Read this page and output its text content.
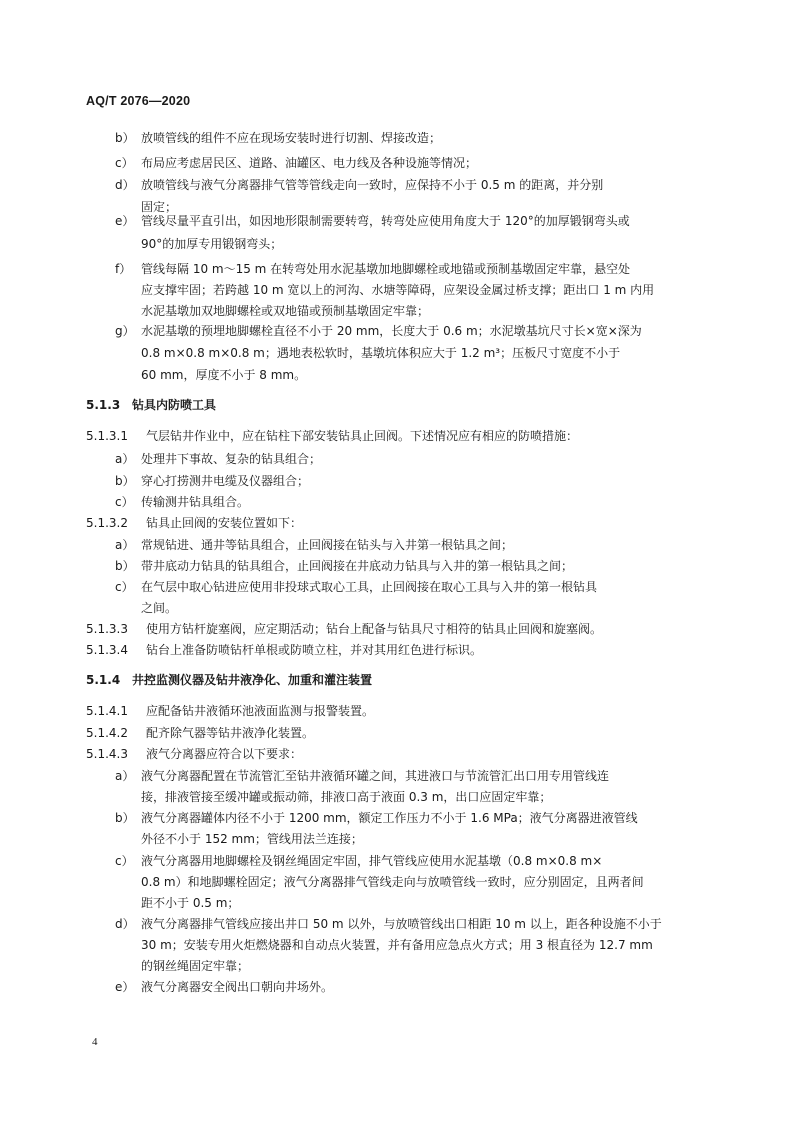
AQ/T 2076—2020
b） 放喷管线的组件不应在现场安装时进行切割、焊接改造；
c） 布局应考虑居民区、道路、油罐区、电力线及各种设施等情况；
d） 放喷管线与液气分离器排气管等管线走向一致时，应保持不小于 0.5 m 的距离，并分别
固定；
e） 管线尽量平直引出，如因地形限制需要转弯，转弯处应使用角度大于 120°的加厚锻钢弯头或
90°的加厚专用锻钢弯头；
f） 管线每隔 10 m～15 m 在转弯处用水泥基墩加地脚螺栓或地锚或预制基墩固定牢靠，悬空处
应支撑牢固；若跨越 10 m 宽以上的河沟、水塘等障碍，应架设金属过桥支撑；距出口 1 m 内用
水泥基墩加双地脚螺栓或双地锚或预制基墩固定牢靠；
g） 水泥基墩的预埋地脚螺栓直径不小于 20 mm，长度大于 0.6 m；水泥墩基坑尺寸长×宽×深为
0.8 m×0.8 m×0.8 m；遇地表松软时，基墩坑体积应大于 1.2 m³；压板尺寸宽度不小于
60 mm，厚度不小于 8 mm。
5.1.3 钻具内防喷工具
5.1.3.1 气层钻井作业中，应在钻柱下部安装钻具止回阀。下述情况应有相应的防喷措施：
a） 处理井下事故、复杂的钻具组合；
b） 穿心打捞测井电缆及仪器组合；
c） 传输测井钻具组合。
5.1.3.2 钻具止回阀的安装位置如下：
a） 常规钻进、通井等钻具组合，止回阀接在钻头与入井第一根钻具之间；
b） 带井底动力钻具的钻具组合，止回阀接在井底动力钻具与入井的第一根钻具之间；
c） 在气层中取心钻进应使用非投球式取心工具，止回阀接在取心工具与入井的第一根钻具
之间。
5.1.3.3 使用方钻杆旋塞阀，应定期活动；钻台上配备与钻具尺寸相符的钻具止回阀和旋塞阀。
5.1.3.4 钻台上准备防喷钻杆单根或防喷立柱，并对其用红色进行标识。
5.1.4 井控监测仪器及钻井液净化、加重和灌注装置
5.1.4.1 应配备钻井液循环池液面监测与报警装置。
5.1.4.2 配齐除气器等钻井液净化装置。
5.1.4.3 液气分离器应符合以下要求：
a） 液气分离器配置在节流管汇至钻井液循环罐之间，其进液口与节流管汇出口用专用管线连
接，排液管接至缓冲罐或振动筛，排液口高于液面 0.3 m，出口应固定牢靠；
b） 液气分离器罐体内径不小于 1200 mm，额定工作压力不小于 1.6 MPa；液气分离器进液管线
外径不小于 152 mm；管线用法兰连接；
c） 液气分离器用地脚螺栓及钢丝绳固定牢固，排气管线应使用水泥基墩（0.8 m×0.8 m×
0.8 m）和地脚螺栓固定；液气分离器排气管线走向与放喷管线一致时，应分别固定，且两者间
距不小于 0.5 m；
d） 液气分离器排气管线应接出井口 50 m 以外，与放喷管线出口相距 10 m 以上，距各种设施不小于
30 m；安装专用火炬燃烧器和自动点火装置，并有备用应急点火方式；用 3 根直径为 12.7 mm
的钢丝绳固定牢靠；
e） 液气分离器安全阀出口朝向井场外。
4
